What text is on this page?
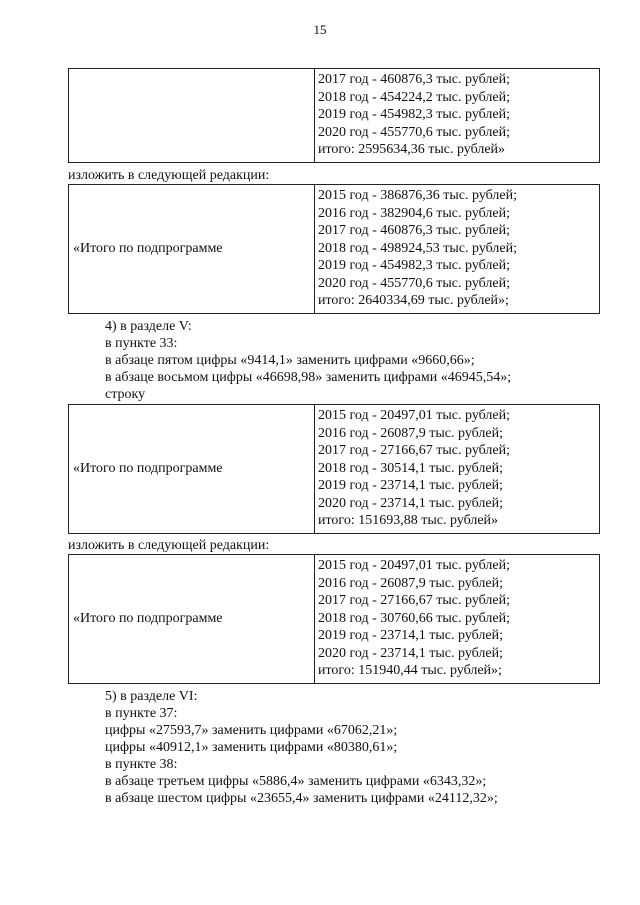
15

2017 год - 460876,3 тыс. рублей;
2018 год - 454224,2 тыс. рублей;
2019 год - 454982,3 тыс. рублей;
2020 год - 455770,6 тыс. рублей;
итого: 2595634,36 тыс. рублей»
изложить в следующей редакции:
«Итого по подпрограмме	
2015 год - 386876,36 тыс. рублей;
2016 год - 382904,6 тыс. рублей;
2017 год - 460876,3 тыс. рублей;
2018 год - 498924,53 тыс. рублей;
2019 год - 454982,3 тыс. рублей;
2020 год - 455770,6 тыс. рублей;
итого: 2640334,69 тыс. рублей»;
4) в разделе V:
в пункте 33:
в абзаце пятом цифры «9414,1» заменить цифрами «9660,66»;
в абзаце восьмом цифры «46698,98» заменить цифрами «46945,54»;
строку
«Итого по подпрограмме	
2015 год - 20497,01 тыс. рублей;
2016 год - 26087,9 тыс. рублей;
2017 год - 27166,67 тыс. рублей;
2018 год - 30514,1 тыс. рублей;
2019 год - 23714,1 тыс. рублей;
2020 год - 23714,1 тыс. рублей;
итого: 151693,88 тыс. рублей»
изложить в следующей редакции:
«Итого по подпрограмме	
2015 год - 20497,01 тыс. рублей;
2016 год - 26087,9 тыс. рублей;
2017 год - 27166,67 тыс. рублей;
2018 год - 30760,66 тыс. рублей;
2019 год - 23714,1 тыс. рублей;
2020 год - 23714,1 тыс. рублей;
итого: 151940,44 тыс. рублей»;
5) в разделе VI:
в пункте 37:
цифры «27593,7» заменить цифрами «67062,21»;
цифры «40912,1» заменить цифрами «80380,61»;
в пункте 38:
в абзаце третьем цифры «5886,4» заменить цифрами «6343,32»;
в абзаце шестом цифры «23655,4» заменить цифрами «24112,32»;
